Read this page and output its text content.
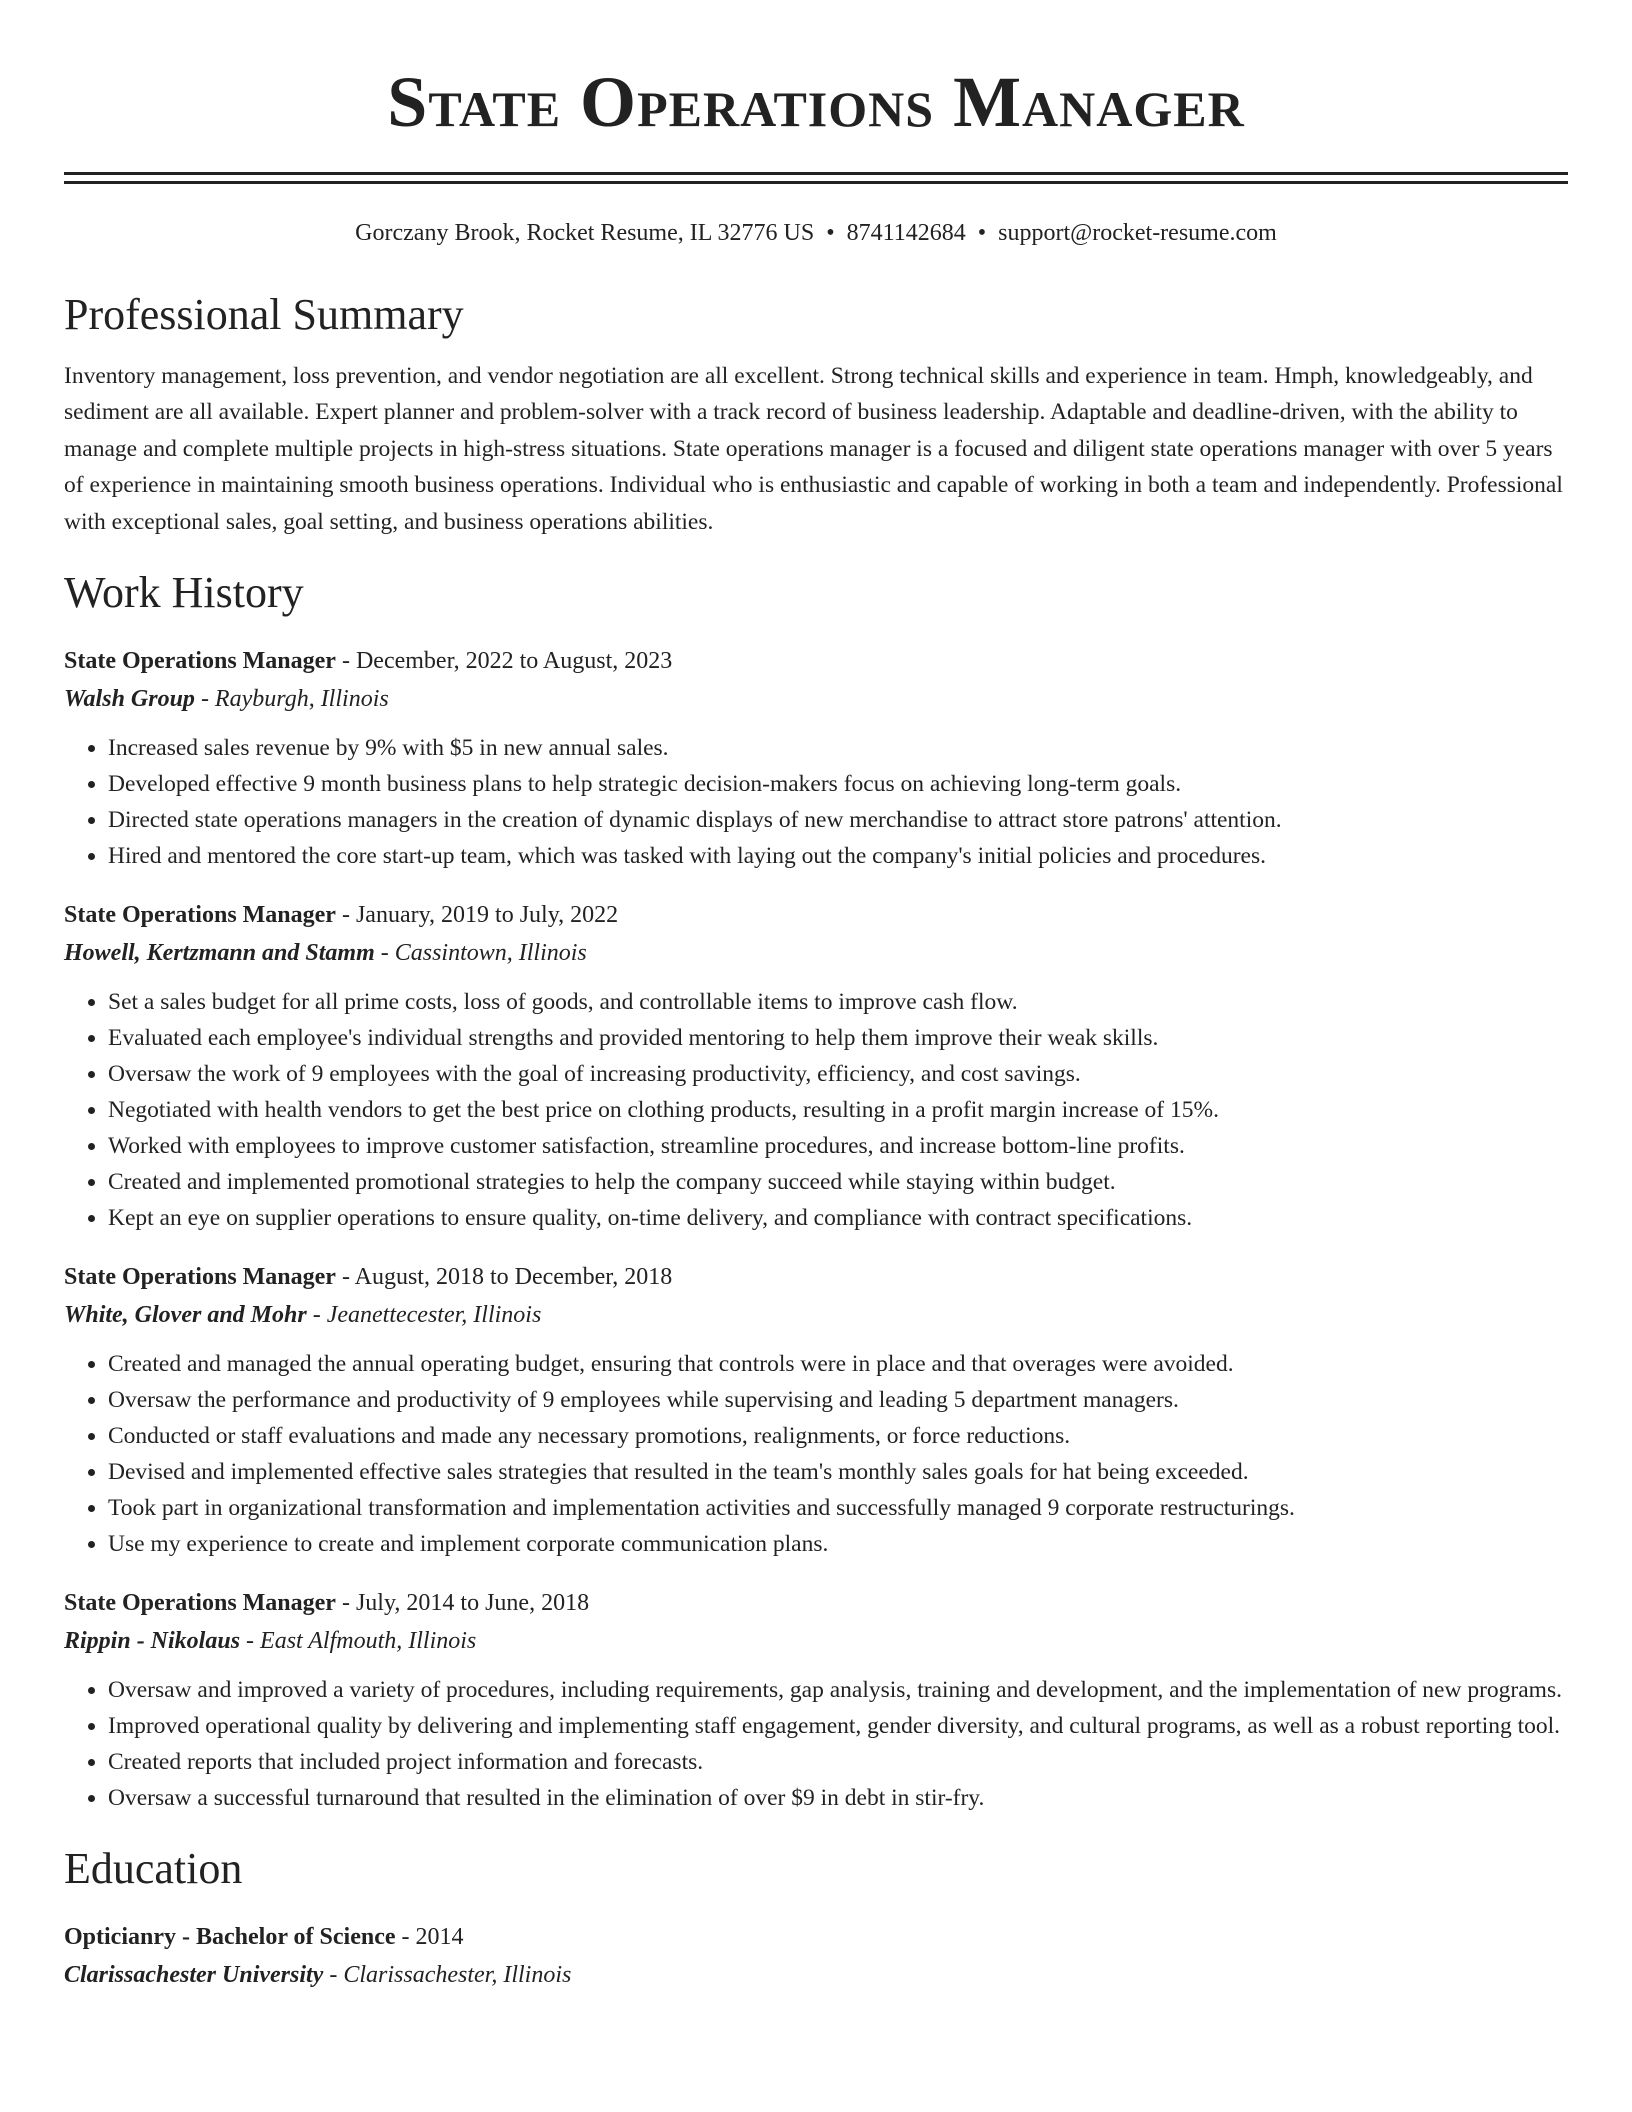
State Operations Manager
Gorczany Brook, Rocket Resume, IL 32776 US • 8741142684 • support@rocket-resume.com
Professional Summary

Inventory management, loss prevention, and vendor negotiation are all excellent. Strong technical skills and experience in team. Hmph, knowledgeably, and sediment are all available. Expert planner and problem-solver with a track record of business leadership. Adaptable and deadline-driven, with the ability to manage and complete multiple projects in high-stress situations. State operations manager is a focused and diligent state operations manager with over 5 years of experience in maintaining smooth business operations. Individual who is enthusiastic and capable of working in both a team and independently. Professional with exceptional sales, goal setting, and business operations abilities.

Work History
State Operations Manager - December, 2022 to August, 2023
Walsh Group - Rayburgh, Illinois
• Increased sales revenue by 9% with $5 in new annual sales.
• Developed effective 9 month business plans to help strategic decision-makers focus on achieving long-term goals.
• Directed state operations managers in the creation of dynamic displays of new merchandise to attract store patrons' attention.
• Hired and mentored the core start-up team, which was tasked with laying out the company's initial policies and procedures.
State Operations Manager - January, 2019 to July, 2022
Howell, Kertzmann and Stamm - Cassintown, Illinois
• Set a sales budget for all prime costs, loss of goods, and controllable items to improve cash flow.
• Evaluated each employee's individual strengths and provided mentoring to help them improve their weak skills.
• Oversaw the work of 9 employees with the goal of increasing productivity, efficiency, and cost savings.
• Negotiated with health vendors to get the best price on clothing products, resulting in a profit margin increase of 15%.
• Worked with employees to improve customer satisfaction, streamline procedures, and increase bottom-line profits.
• Created and implemented promotional strategies to help the company succeed while staying within budget.
• Kept an eye on supplier operations to ensure quality, on-time delivery, and compliance with contract specifications.
State Operations Manager - August, 2018 to December, 2018
White, Glover and Mohr - Jeanettecester, Illinois
• Created and managed the annual operating budget, ensuring that controls were in place and that overages were avoided.
• Oversaw the performance and productivity of 9 employees while supervising and leading 5 department managers.
• Conducted or staff evaluations and made any necessary promotions, realignments, or force reductions.
• Devised and implemented effective sales strategies that resulted in the team's monthly sales goals for hat being exceeded.
• Took part in organizational transformation and implementation activities and successfully managed 9 corporate restructurings.
• Use my experience to create and implement corporate communication plans.
State Operations Manager - July, 2014 to June, 2018
Rippin - Nikolaus - East Alfmouth, Illinois
• Oversaw and improved a variety of procedures, including requirements, gap analysis, training and development, and the implementation of new programs.
• Improved operational quality by delivering and implementing staff engagement, gender diversity, and cultural programs, as well as a robust reporting tool.
• Created reports that included project information and forecasts.
• Oversaw a successful turnaround that resulted in the elimination of over $9 in debt in stir-fry.
Education
Opticianry - Bachelor of Science - 2014
Clarissachester University - Clarissachester, Illinois
